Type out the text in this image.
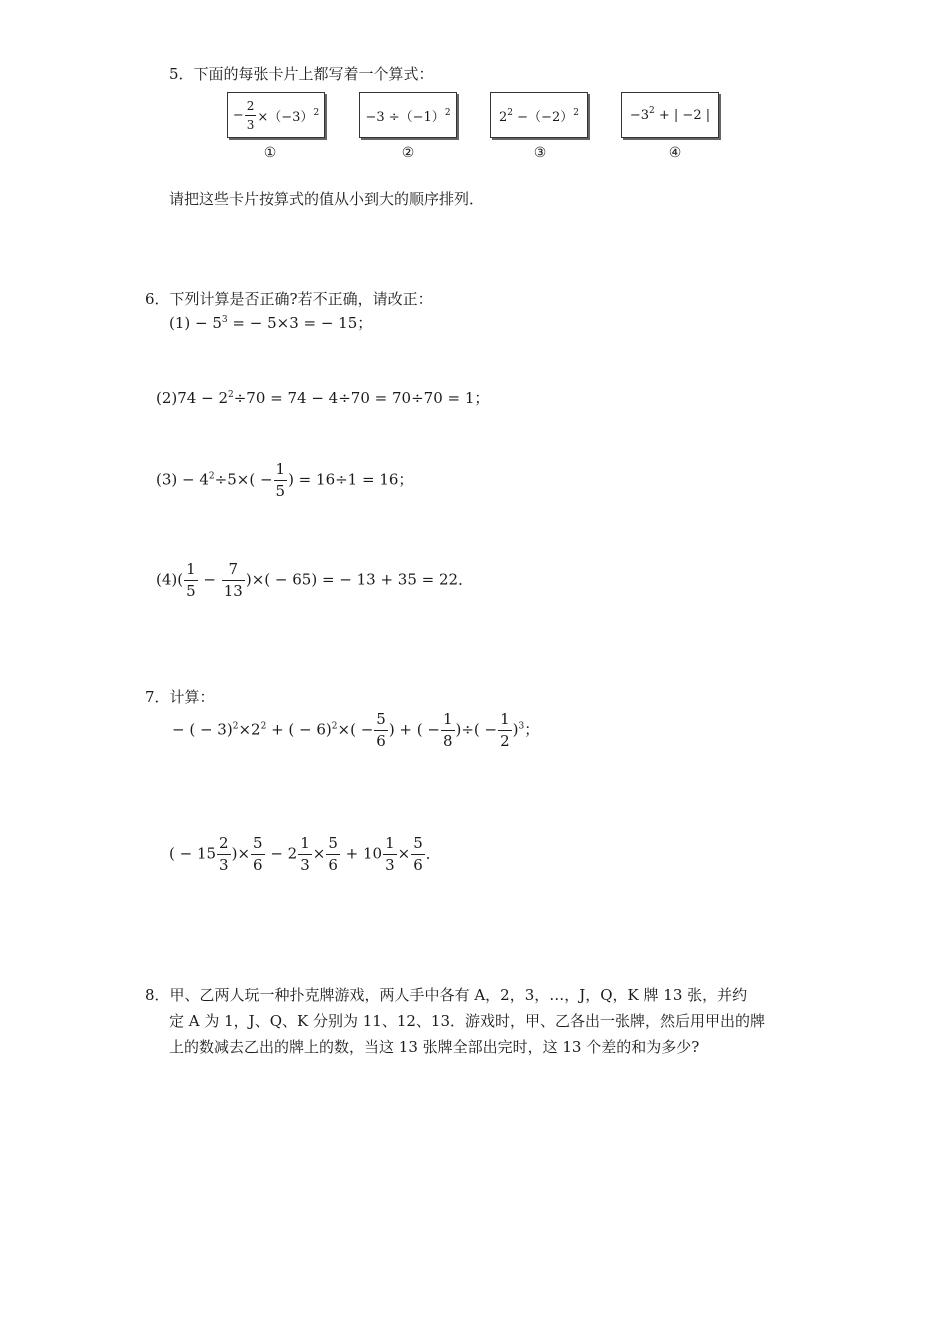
5．下面的每张卡片上都写着一个算式：
− $\frac{2}{3} \times(-3)^2$	$-3 \div(-1)^2$	$2^2 -(-2)^2$	$-3^2$ + | −2 |
①	②	③	④
请把这些卡片按算式的值从小到大的顺序排列．
6．下列计算是否正确?若不正确，请改正：
$(1) - 5^3$ = − 5×3 = − 15；
$(2)74 - 2^2\div 70 = 74 - 4\div 70 = 70\div 70 = 1$；
$(3) - 4^2\div 5\times( - \frac{1}{5}$ ) = 16÷1 = 16；
$(4)( \frac{1}{5} - \frac{7}{13}$ )×( − 65) = − 13 + 35 = 22．
7．计算：
− ( − $3)^2\times 2^2$ + ( − $6)^2\times( - \frac{5}{6}$ ) + ( − $\frac{1}{8}$ )÷( − $\frac{1}{2} )^3$；
( − $15 \frac{2}{3}$ )× $\frac{5}{6} - 2 \frac{1}{3} \times \frac{5}{6} + 10 \frac{1}{3} \times \frac{5}{6}$ ．
8．甲、乙两人玩一种扑克牌游戏，两人手中各有 A，2，3，…，J，Q，K 牌 13 张，并约
定 A 为 1，J、Q、K 分别为 11、12、13．游戏时，甲、乙各出一张牌，然后用甲出的牌
上的数减去乙出的牌上的数，当这 13 张牌全部出完时，这 13 个差的和为多少?
